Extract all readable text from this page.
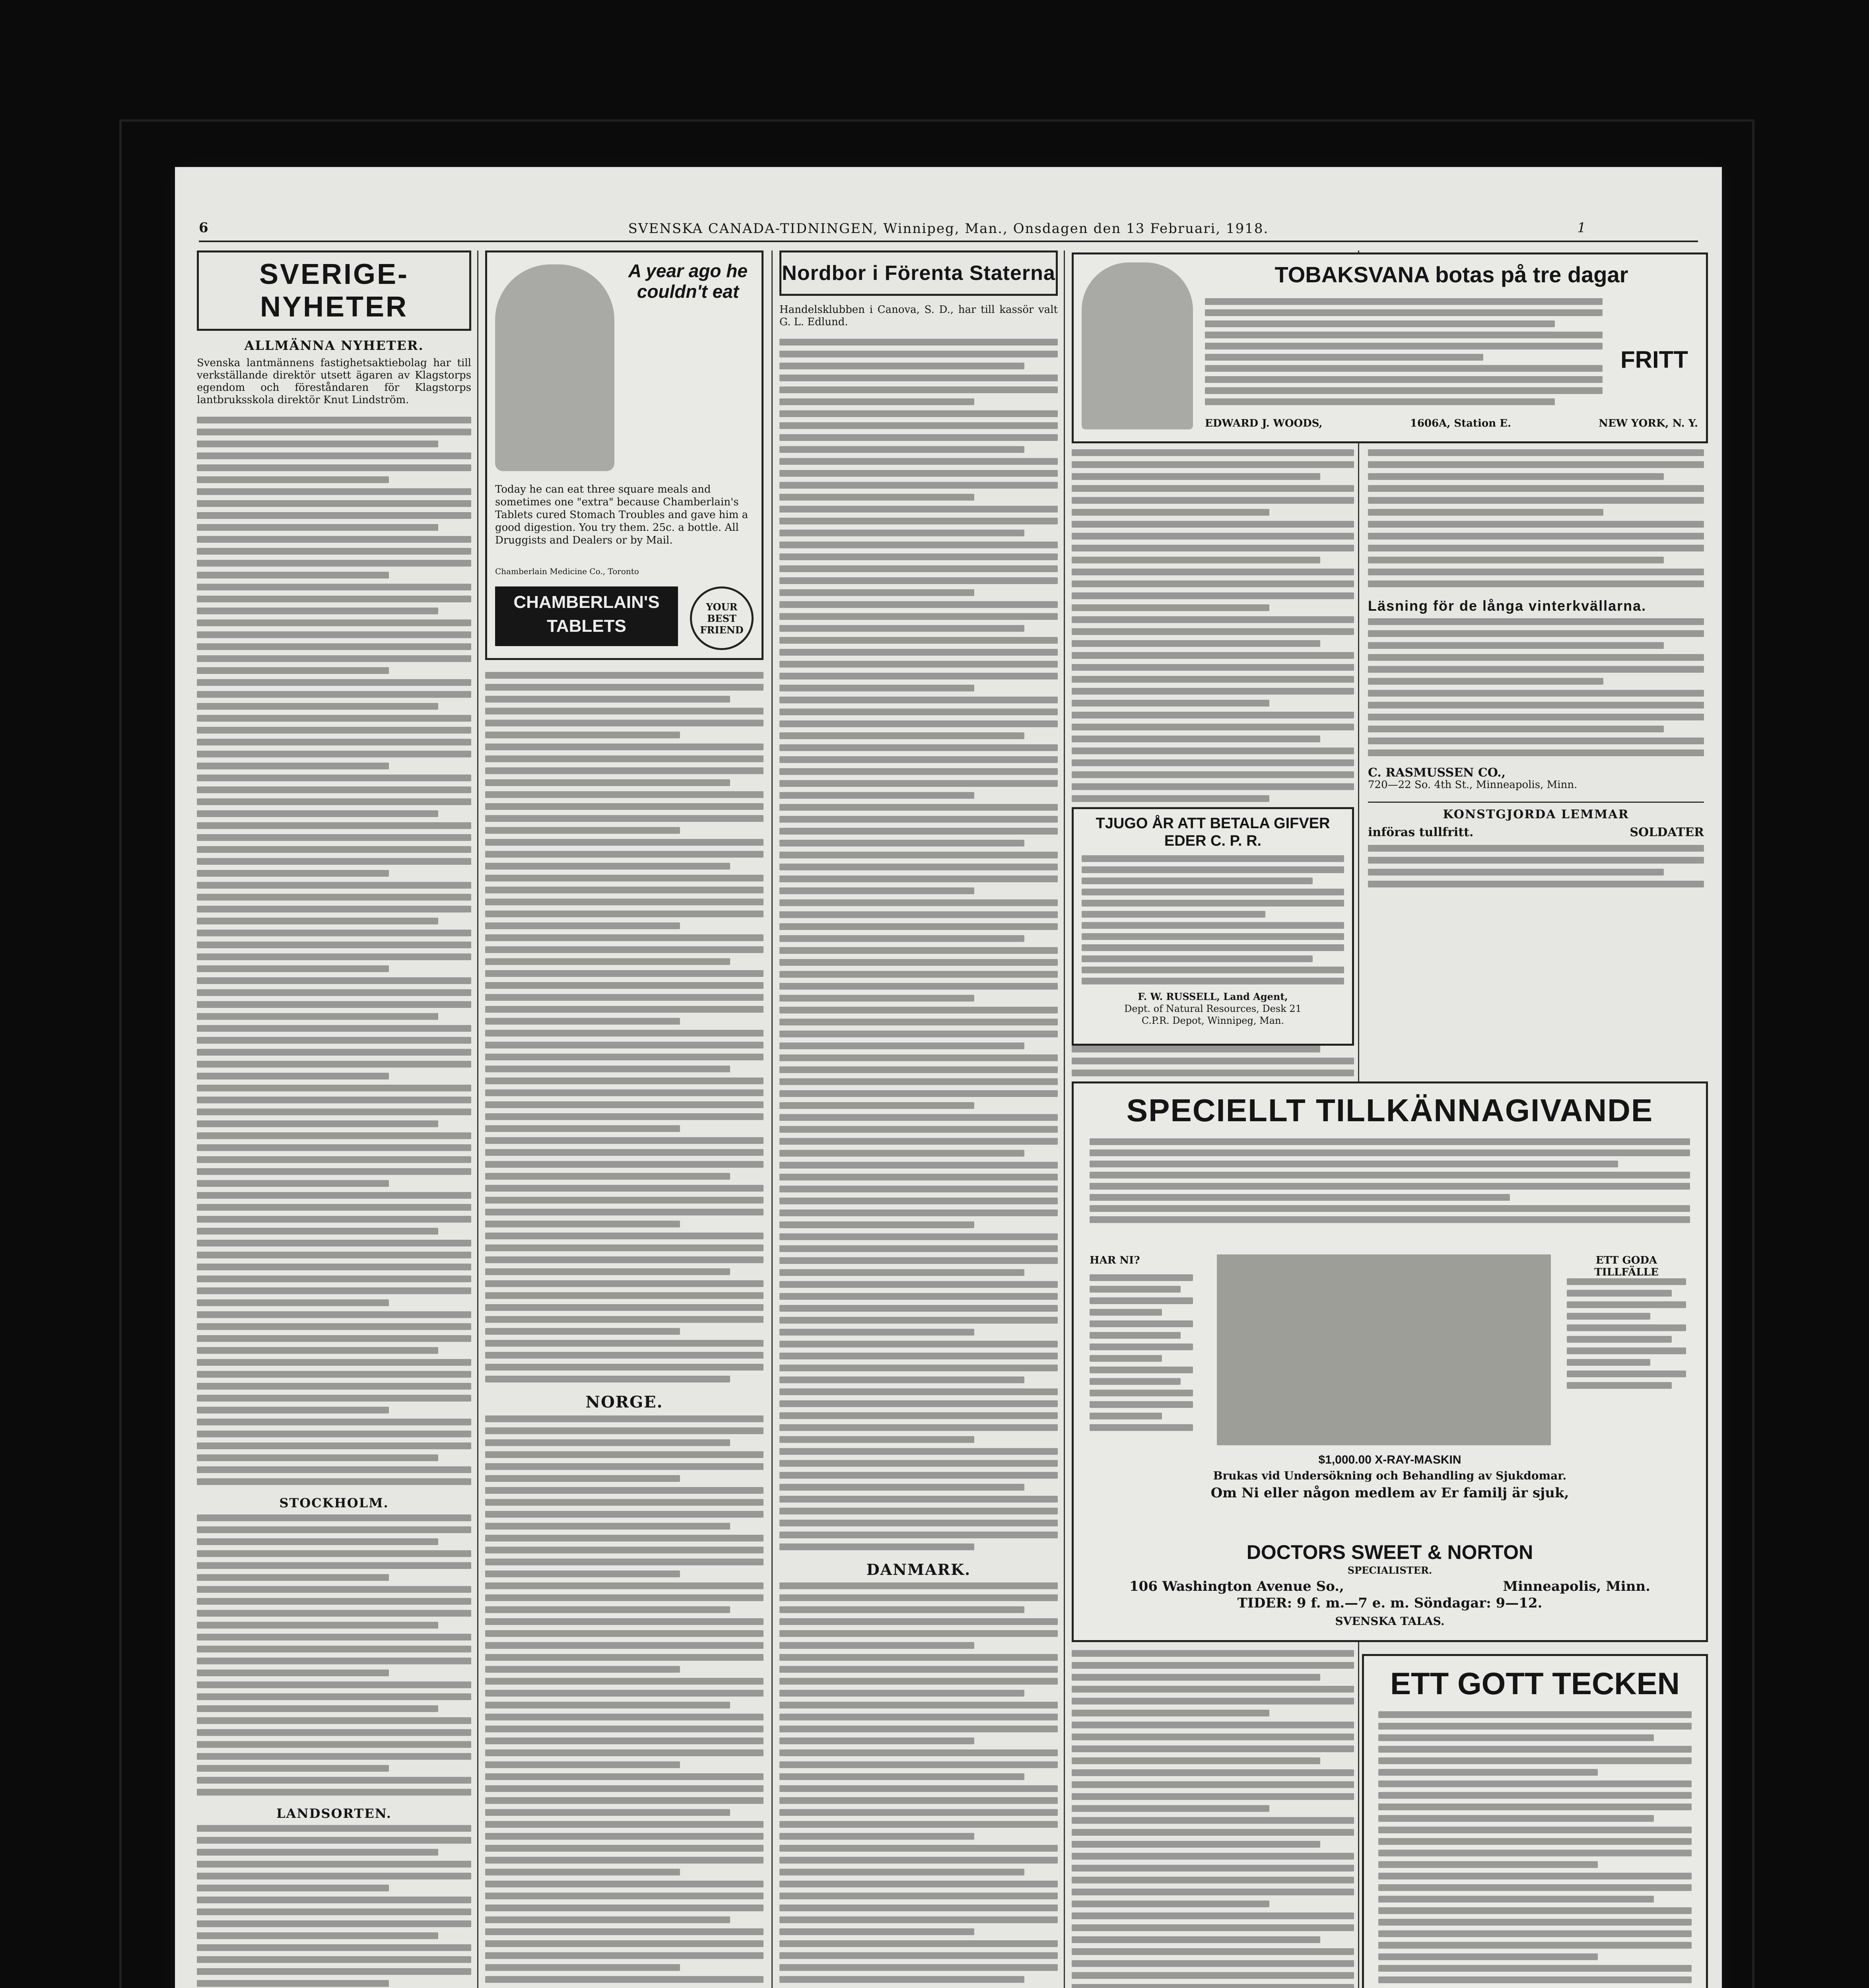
6	SVENSKA CANADA-TIDNINGEN, Winnipeg, Man., Onsdagen den 13 Februari, 1918.	1
SVERIGE-NYHETER
ALLMÄNNA NYHETER.
Svenska lantmännens fastighetsaktiebolag har till verkställande direktör utsett ägaren av Klagstorps egendom och föreståndaren för Klagstorps lantbruksskola direktör Knut Lindström.
STOCKHOLM.
LANDSORTEN.
A year ago he couldn't eat
Today he can eat three square meals and sometimes one "extra" because Chamberlain's Tablets cured Stomach Troubles and gave him a good digestion. You try them. 25c. a bottle. All Druggists and Dealers or by Mail.
Chamberlain Medicine Co., Toronto
CHAMBERLAIN'S TABLETS
YOUR BEST FRIEND
NORGE.
Nordbor i Förenta Staterna
Handelsklubben i Canova, S. D., har till kassör valt G. L. Edlund.
DANMARK.
TOBAKSVANA botas på tre dagar
FRITT
EDWARD J. WOODS,	1606A, Station E.	NEW YORK, N. Y.
TJUGO ÅR ATT BETALA GIFVER EDER C. P. R.
F. W. RUSSELL, Land Agent,
Dept. of Natural Resources, Desk 21
C.P.R. Depot, Winnipeg, Man.
Läsning för de långa vinterkvällarna.
C. RASMUSSEN CO.,
720—22 So. 4th St., Minneapolis, Minn.
KONSTGJORDA LEMMAR
införas tullfritt.	SOLDATER
SPECIELLT TILLKÄNNAGIVANDE
HAR NI?	ETT GODA TILLFÄLLE
$1,000.00 X-RAY-MASKIN
Brukas vid Undersökning och Behandling av Sjukdomar.
Om Ni eller någon medlem av Er familj är sjuk,
DOCTORS SWEET & NORTON
SPECIALISTER.
106 Washington Avenue So.,	Minneapolis, Minn.
TIDER: 9 f. m.—7 e. m. Söndagar: 9—12.
SVENSKA TALAS.
ETT GOTT TECKEN
